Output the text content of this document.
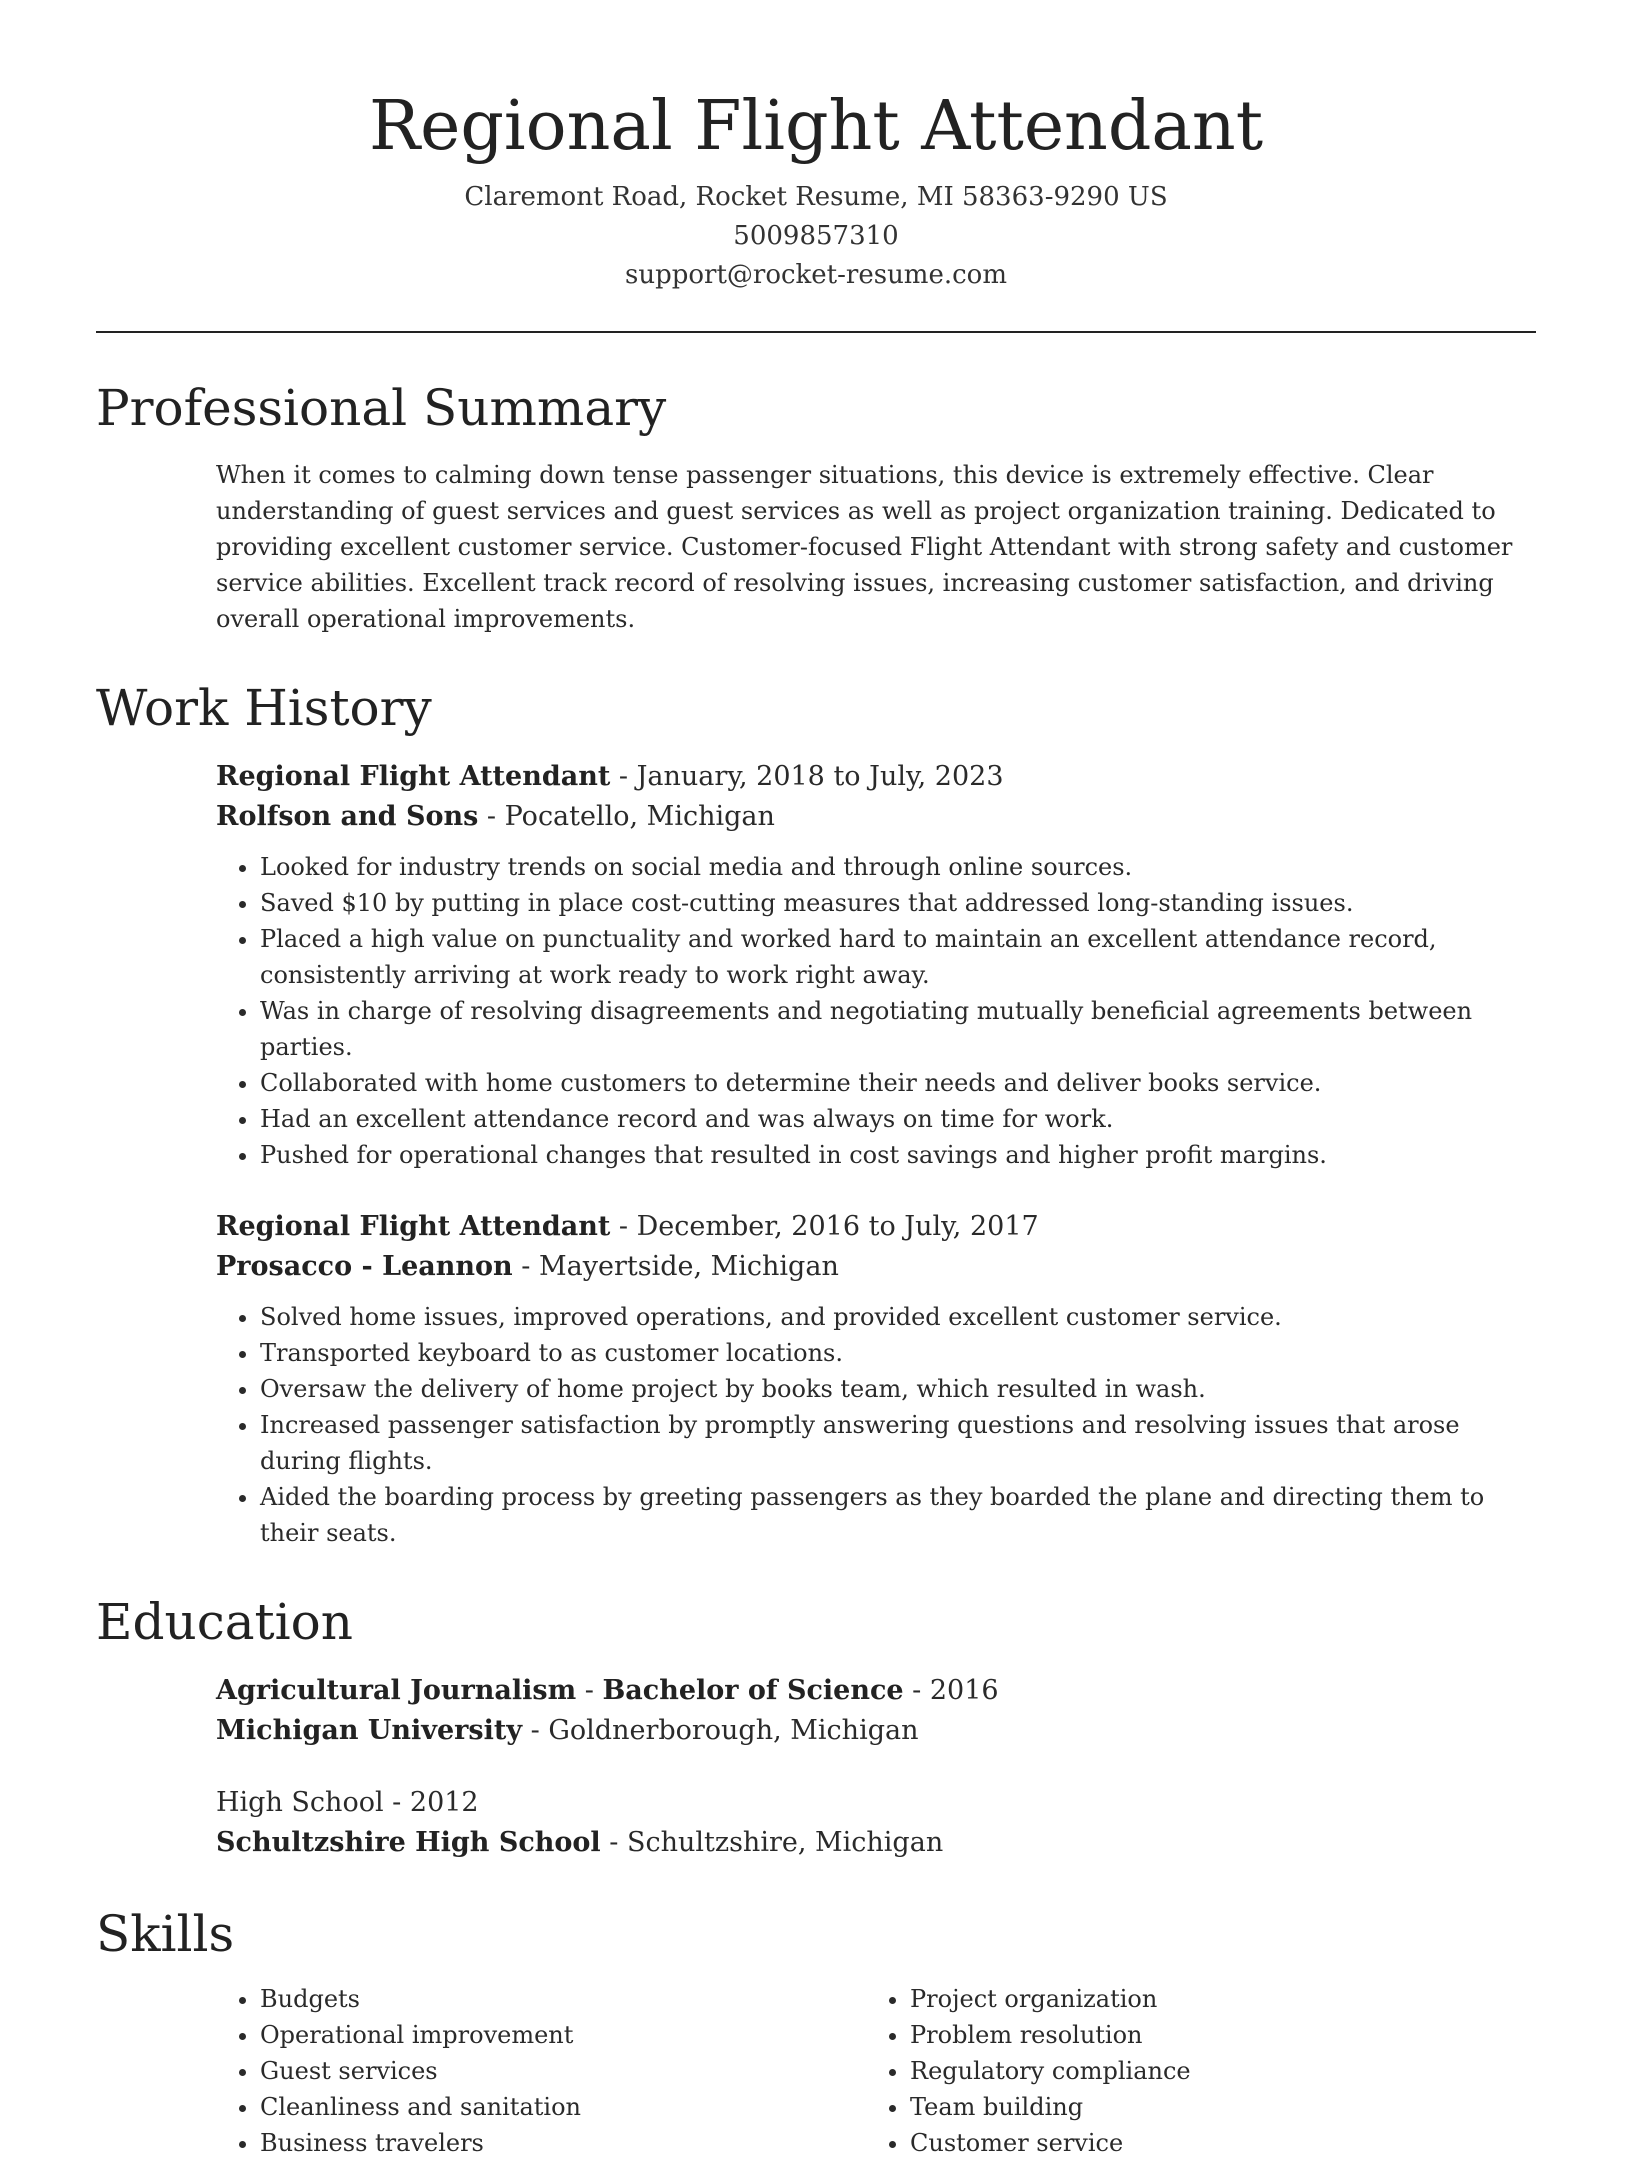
Regional Flight Attendant
Claremont Road, Rocket Resume, MI 58363-9290 US
5009857310
support@rocket-resume.com
Professional Summary

When it comes to calming down tense passenger situations, this device is extremely effective. Clear understanding of guest services and guest services as well as project organization training. Dedicated to providing excellent customer service. Customer-focused Flight Attendant with strong safety and customer service abilities. Excellent track record of resolving issues, increasing customer satisfaction, and driving overall operational improvements.

Work History
Regional Flight Attendant - January, 2018 to July, 2023
Rolfson and Sons - Pocatello, Michigan
• Looked for industry trends on social media and through online sources.
• Saved $10 by putting in place cost-cutting measures that addressed long-standing issues.
• Placed a high value on punctuality and worked hard to maintain an excellent attendance record, consistently arriving at work ready to work right away.
• Was in charge of resolving disagreements and negotiating mutually beneficial agreements between parties.
• Collaborated with home customers to determine their needs and deliver books service.
• Had an excellent attendance record and was always on time for work.
• Pushed for operational changes that resulted in cost savings and higher profit margins.
Regional Flight Attendant - December, 2016 to July, 2017
Prosacco - Leannon - Mayertside, Michigan
• Solved home issues, improved operations, and provided excellent customer service.
• Transported keyboard to as customer locations.
• Oversaw the delivery of home project by books team, which resulted in wash.
• Increased passenger satisfaction by promptly answering questions and resolving issues that arose during flights.
• Aided the boarding process by greeting passengers as they boarded the plane and directing them to their seats.
Education
Agricultural Journalism - Bachelor of Science - 2016
Michigan University - Goldnerborough, Michigan
High School - 2012
Schultzshire High School - Schultzshire, Michigan
Skills
• Budgets
• Operational improvement
• Guest services
• Cleanliness and sanitation
• Business travelers
• Project organization
• Problem resolution
• Regulatory compliance
• Team building
• Customer service
